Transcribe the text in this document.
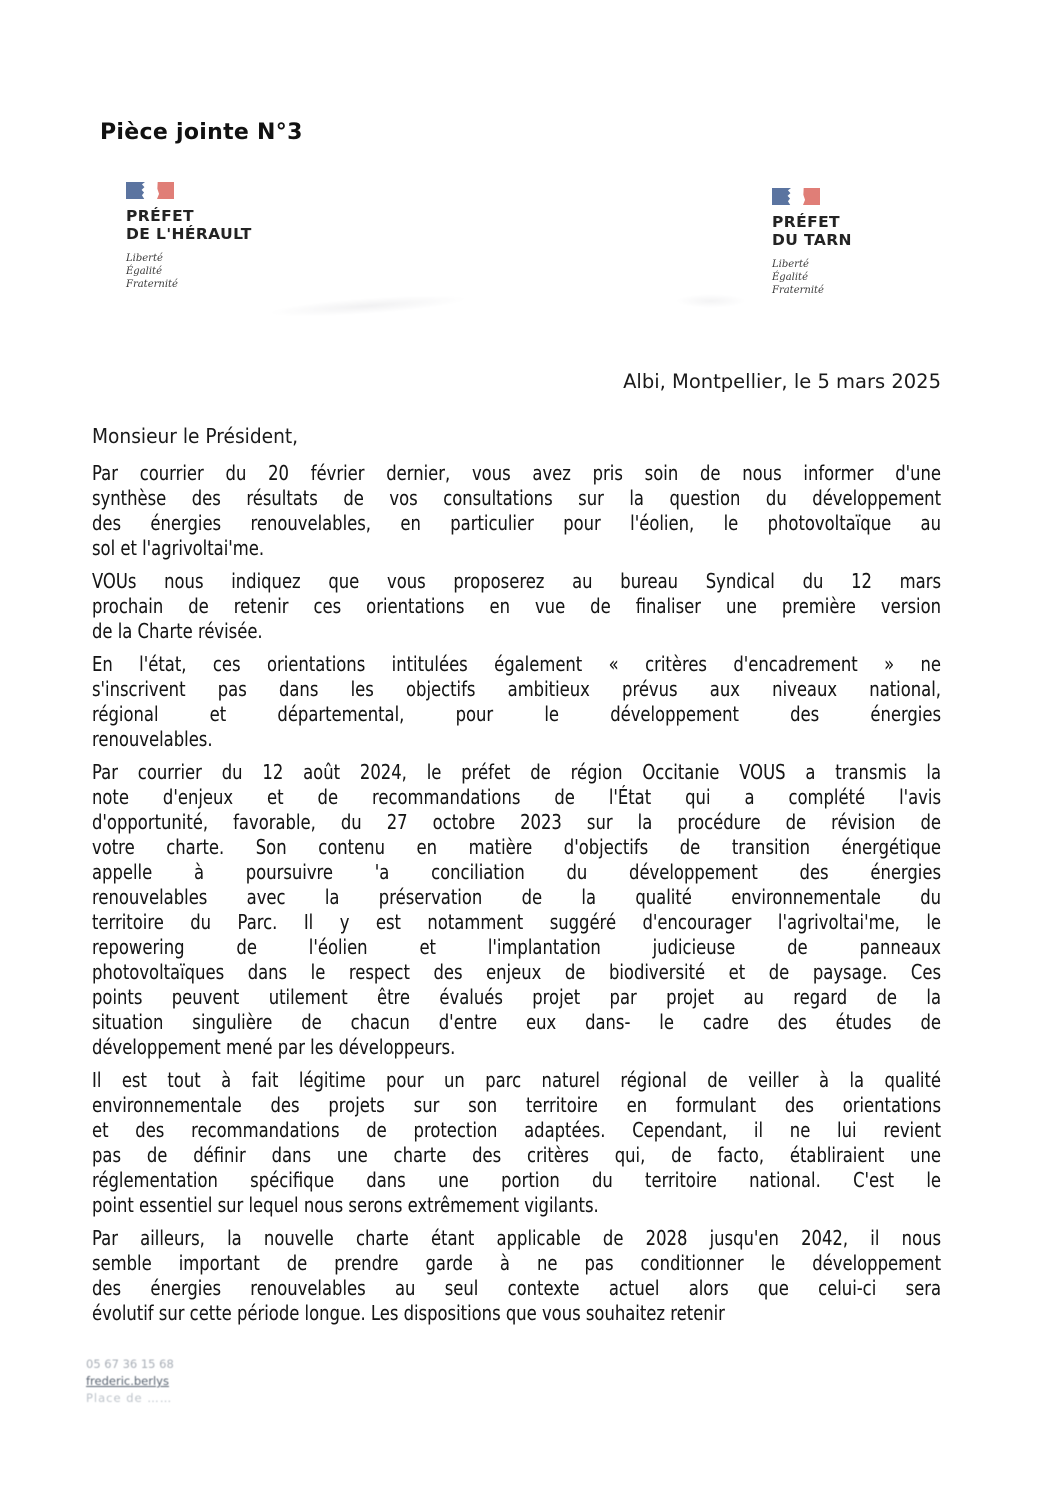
Pièce jointe N°3
PRÉFET
DE L'HÉRAULT
Liberté
Égalité
Fraternité
PRÉFET
DU TARN
Liberté
Égalité
Fraternité
Albi, Montpellier, le 5 mars 2025
Monsieur le Président,
Par courrier du 20 février dernier, vous avez pris soin de nous informer d'une
synthèse des résultats de vos consultations sur la question du développement
des énergies renouvelables, en particulier pour l'éolien, le photovoltaïque au
sol et l'agrivoltai'me.
VOUs nous indiquez que vous proposerez au bureau Syndical du 12 mars
prochain de retenir ces orientations en vue de finaliser une première version
de la Charte révisée.
En l'état, ces orientations intitulées également « critères d'encadrement » ne
s'inscrivent pas dans les objectifs ambitieux prévus aux niveaux national,
régional et départemental, pour le développement des énergies
renouvelables.
Par courrier du 12 août 2024, le préfet de région Occitanie VOUS a transmis la
note d'enjeux et de recommandations de l'État qui a complété l'avis
d'opportunité, favorable, du 27 octobre 2023 sur la procédure de révision de
votre charte. Son contenu en matière d'objectifs de transition énergétique
appelle à poursuivre 'a conciliation du développement des énergies
renouvelables avec la préservation de la qualité environnementale du
territoire du Parc. Il y est notamment suggéré d'encourager l'agrivoltai'me, le
repowering de l'éolien et l'implantation judicieuse de panneaux
photovoltaïques dans le respect des enjeux de biodiversité et de paysage. Ces
points peuvent utilement être évalués projet par projet au regard de la
situation singulière de chacun d'entre eux dans- le cadre des études de
développement mené par les développeurs.
Il est tout à fait légitime pour un parc naturel régional de veiller à la qualité
environnementale des projets sur son territoire en formulant des orientations
et des recommandations de protection adaptées. Cependant, il ne lui revient
pas de définir dans une charte des critères qui, de facto, établiraient une
réglementation spécifique dans une portion du territoire national. C'est le
point essentiel sur lequel nous serons extrêmement vigilants.
Par ailleurs, la nouvelle charte étant applicable de 2028 jusqu'en 2042, il nous
semble important de prendre garde à ne pas conditionner le développement
des énergies renouvelables au seul contexte actuel alors que celui-ci sera
évolutif sur cette période longue. Les dispositions que vous souhaitez retenir
05 67 36 15 68
frederic.berlys
Place de ……
